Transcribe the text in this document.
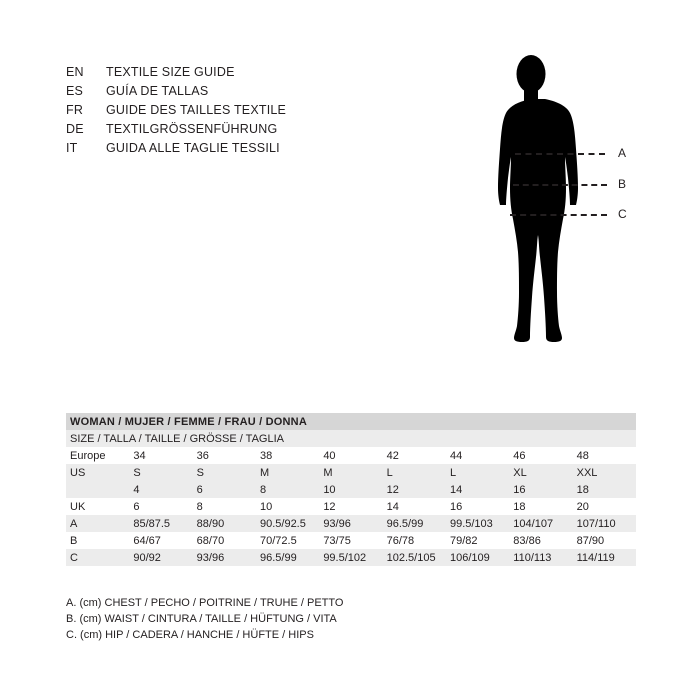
EN	TEXTILE SIZE GUIDE
ES	GUÍA DE TALLAS
FR	GUIDE DES TAILLES TEXTILE
DE	TEXTILGRÖSSENFÜHRUNG
IT	GUIDA ALLE TAGLIE TESSILI	A
B
C
WOMAN / MUJER / FEMME / FRAU / DONNA								
SIZE / TALLA / TAILLE / GRÖSSE / TAGLIA								
Europe	34	36	38	40	42	44	46	48
US	S	S	M	M	L	L	XL	XXL
	4	6	8	10	12	14	16	18
UK	6	8	10	12	14	16	18	20
A	85/87.5	88/90	90.5/92.5	93/96	96.5/99	99.5/103	104/107	107/110
B	64/67	68/70	70/72.5	73/75	76/78	79/82	83/86	87/90
C	90/92	93/96	96.5/99	99.5/102	102.5/105	106/109	110/113	114/119
A. (cm) CHEST / PECHO / POITRINE / TRUHE / PETTO
B. (cm) WAIST / CINTURA / TAILLE / HÜFTUNG / VITA
C. (cm) HIP / CADERA / HANCHE / HÜFTE / HIPS
